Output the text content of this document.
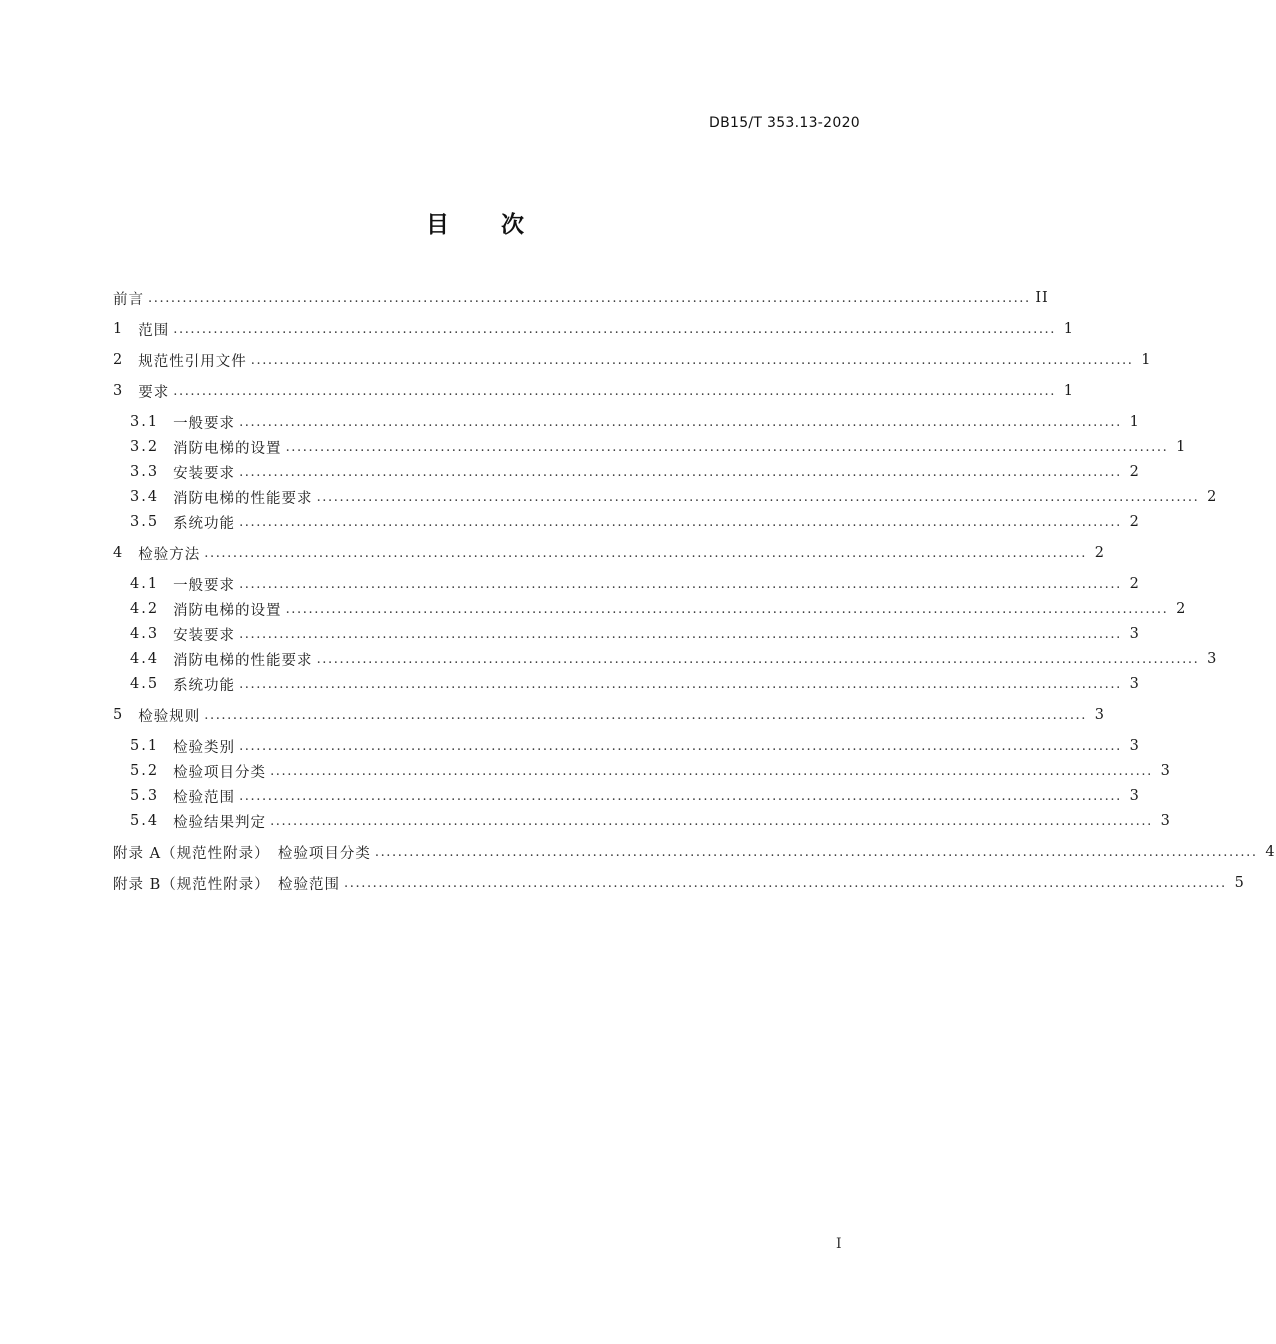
DB15/T 353.13-2020
目次
前言 .......................................................................................................................................................... II
1 范围 .......................................................................................................................................................... 1
2 规范性引用文件 .......................................................................................................................................................... 1
3 要求 .......................................................................................................................................................... 1
3.1 一般要求 .......................................................................................................................................................... 1
3.2 消防电梯的设置 .......................................................................................................................................................... 1
3.3 安装要求 .......................................................................................................................................................... 2
3.4 消防电梯的性能要求 .......................................................................................................................................................... 2
3.5 系统功能 .......................................................................................................................................................... 2
4 检验方法 .......................................................................................................................................................... 2
4.1 一般要求 .......................................................................................................................................................... 2
4.2 消防电梯的设置 .......................................................................................................................................................... 2
4.3 安装要求 .......................................................................................................................................................... 3
4.4 消防电梯的性能要求 .......................................................................................................................................................... 3
4.5 系统功能 .......................................................................................................................................................... 3
5 检验规则 .......................................................................................................................................................... 3
5.1 检验类别 .......................................................................................................................................................... 3
5.2 检验项目分类 .......................................................................................................................................................... 3
5.3 检验范围 .......................................................................................................................................................... 3
5.4 检验结果判定 .......................................................................................................................................................... 3
附录 A（规范性附录）　检验项目分类 .......................................................................................................................................................... 4
附录 B（规范性附录）　检验范围 .......................................................................................................................................................... 5
I
